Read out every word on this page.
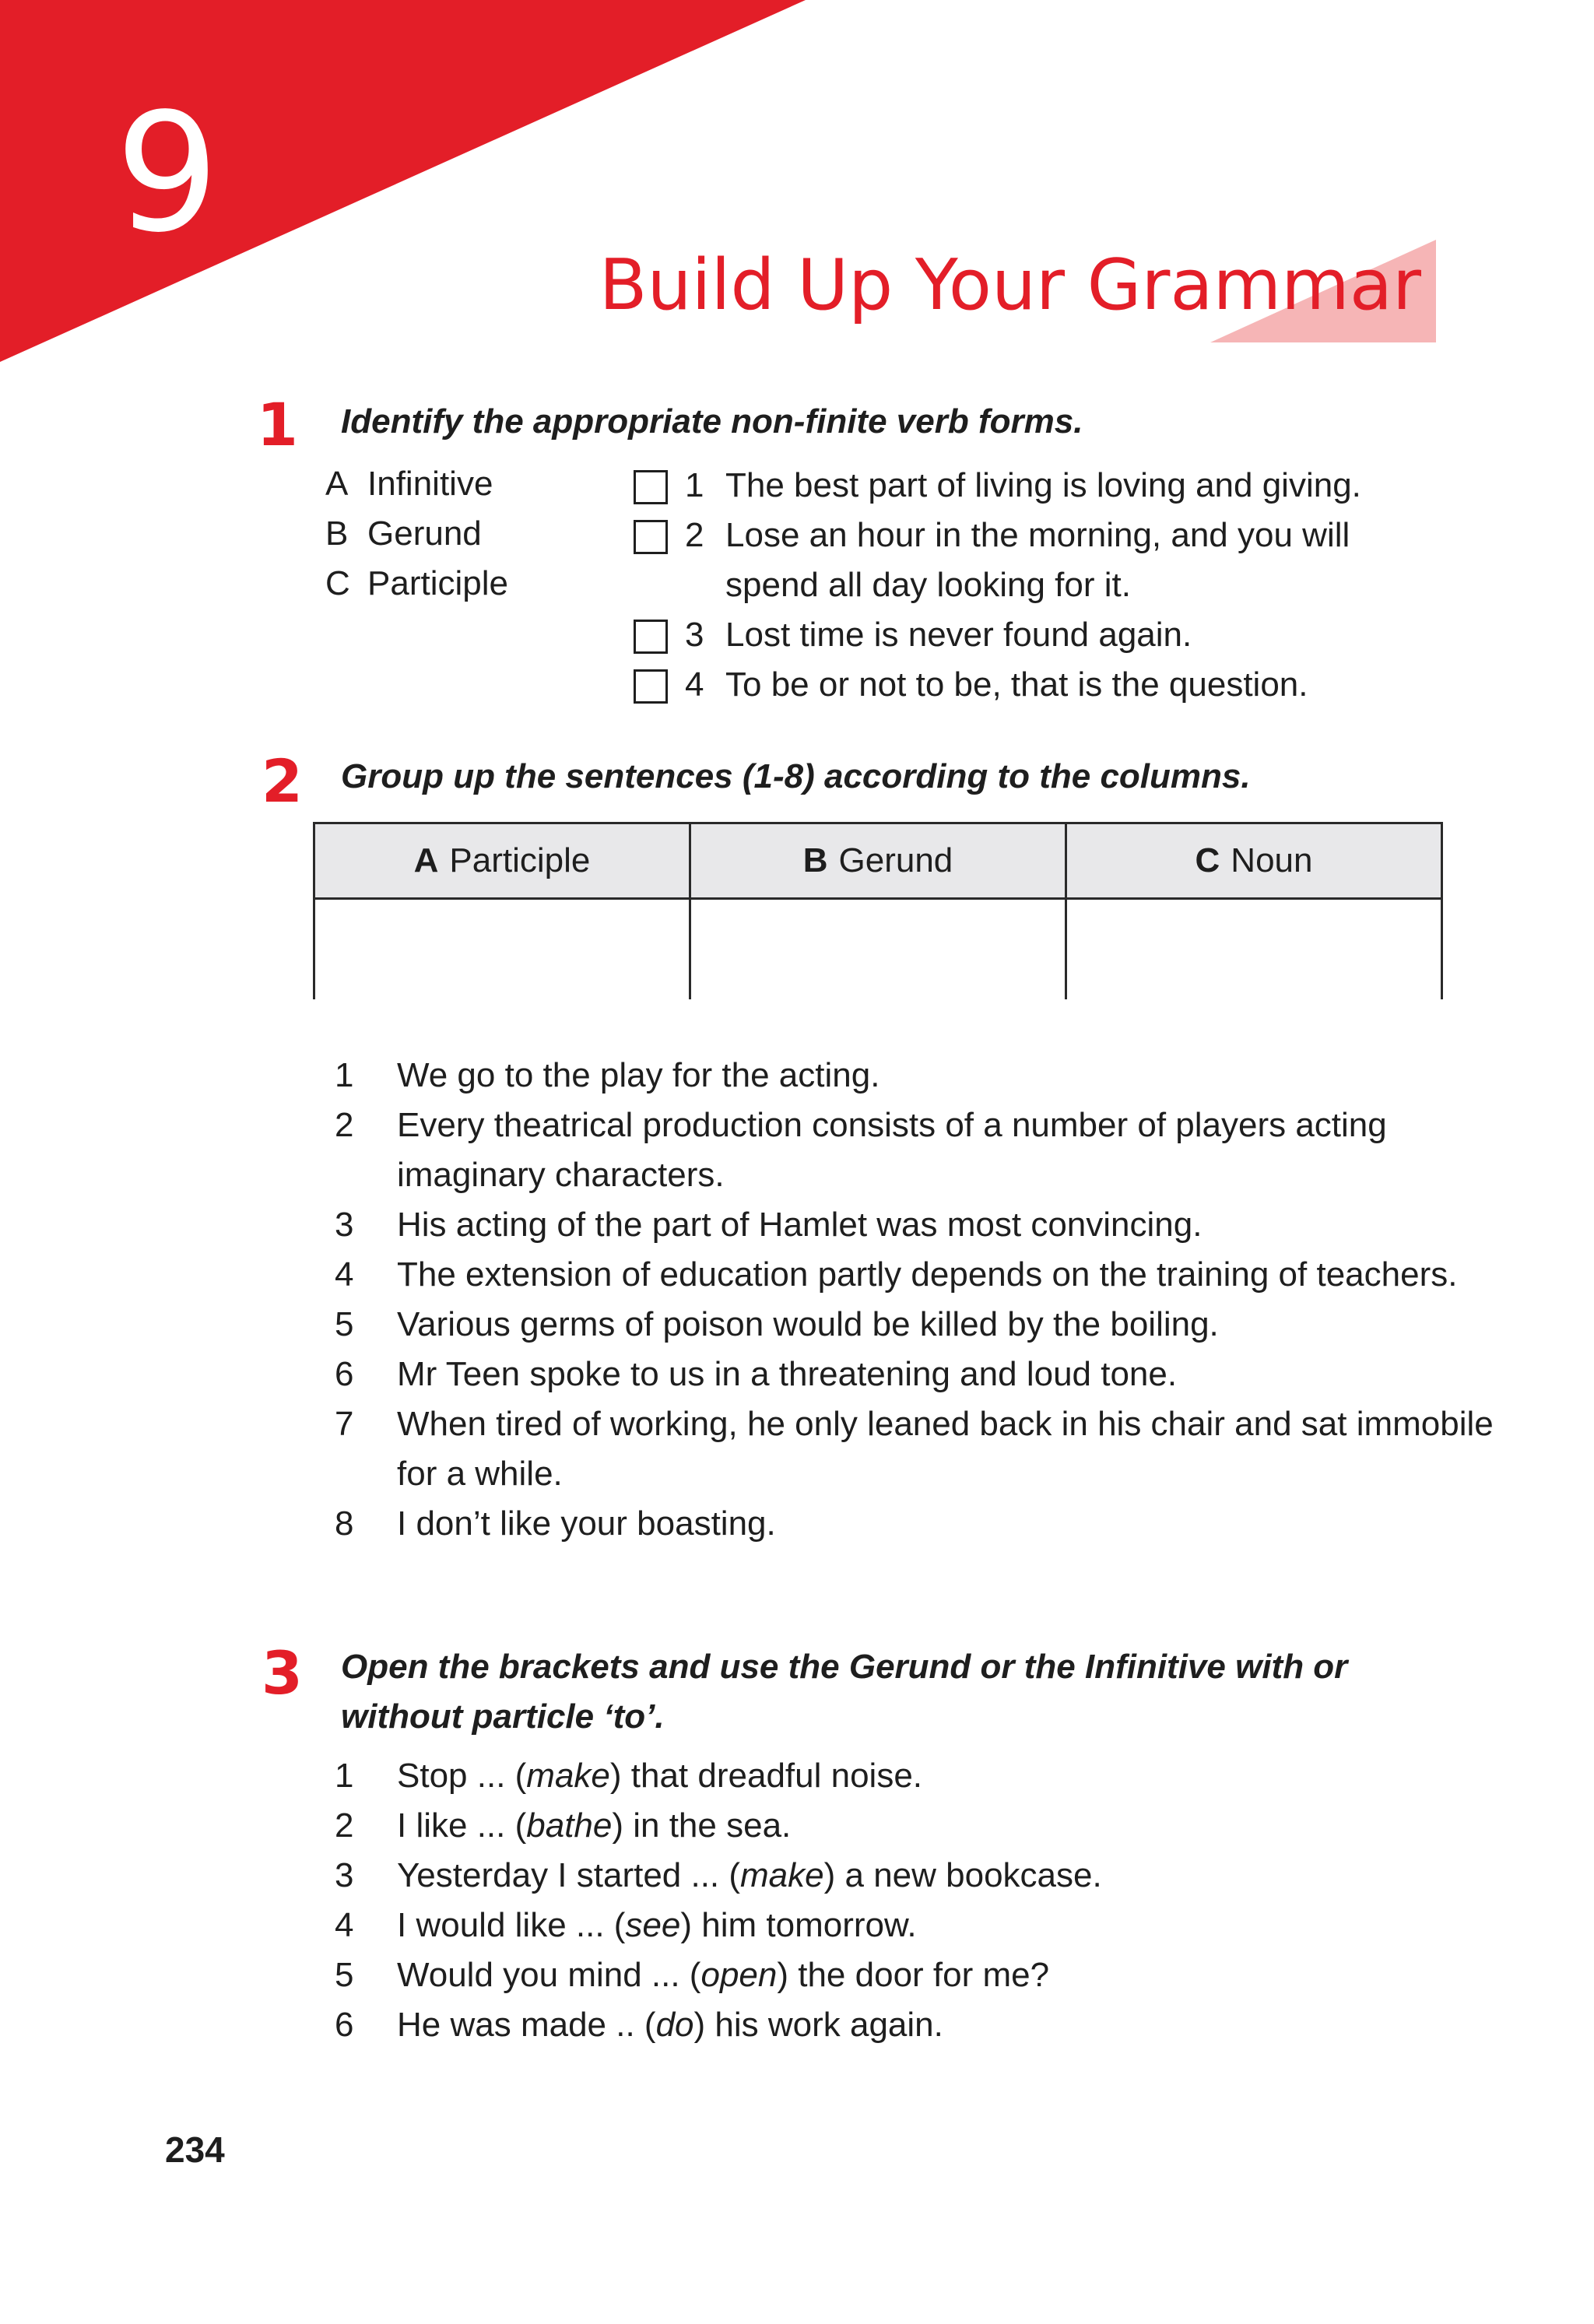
9
Build Up Your Grammar
1 Identify the appropriate non-finite verb forms.
A Infinitive
B Gerund
C Participle
1 The best part of living is loving and giving.
2 Lose an hour in the morning, and you will spend all day looking for it.
3 Lost time is never found again.
4 To be or not to be, that is the question.
2 Group up the sentences (1-8) according to the columns.
A Participle	B Gerund	C Noun

1	We go to the play for the acting.
2	Every theatrical production consists of a number of players acting imaginary characters.
3	His acting of the part of Hamlet was most convincing.
4	The extension of education partly depends on the training of teachers.
5	Various germs of poison would be killed by the boiling.
6	Mr Teen spoke to us in a threatening and loud tone.
7	When tired of working, he only leaned back in his chair and sat immobile for a while.
8	I don’t like your boasting.
3 Open the brackets and use the Gerund or the Infinitive with or without particle ‘to’.
1	Stop ... (make) that dreadful noise.
2	I like ... (bathe) in the sea.
3	Yesterday I started ... (make) a new bookcase.
4	I would like ... (see) him tomorrow.
5	Would you mind ... (open) the door for me?
6	He was made .. (do) his work again.
234
